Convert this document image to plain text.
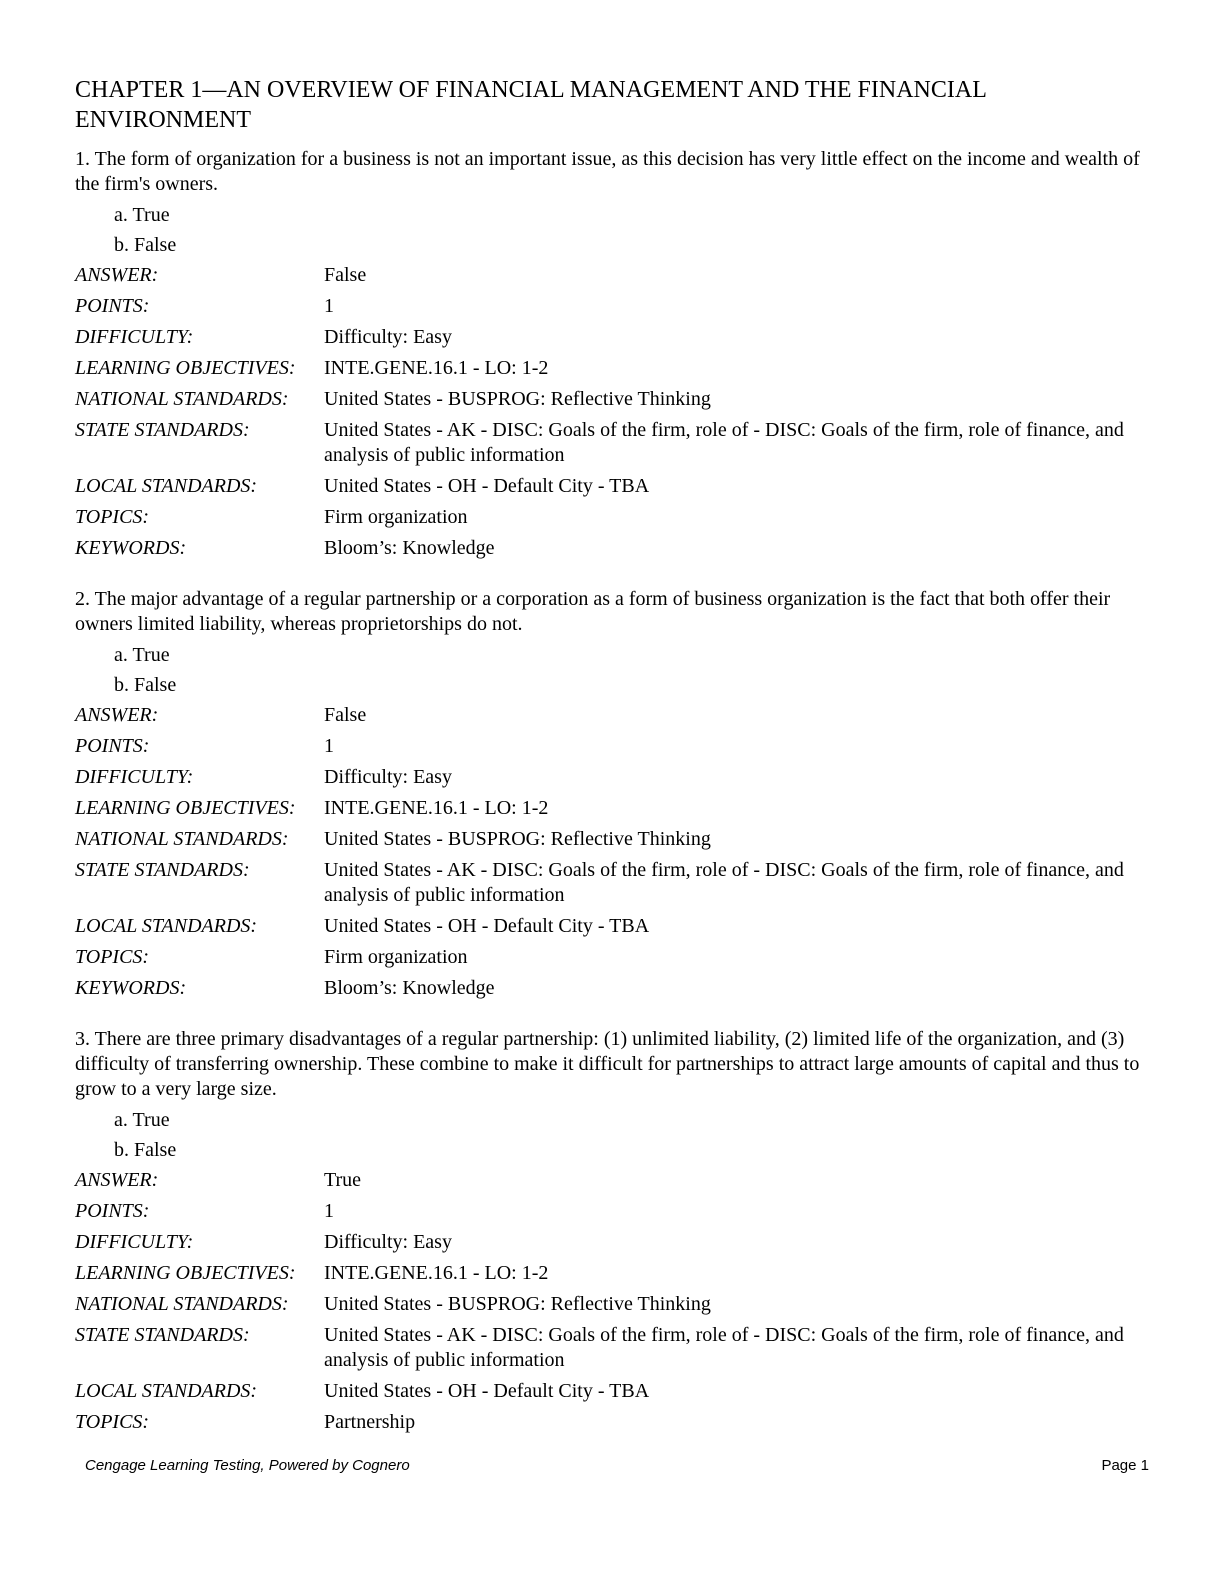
CHAPTER 1—AN OVERVIEW OF FINANCIAL MANAGEMENT AND THE FINANCIAL ENVIRONMENT

1. The form of organization for a business is not an important issue, as this decision has very little effect on the income and wealth of the firm's owners.

a. True
b. False
ANSWER:	False
POINTS:	1
DIFFICULTY:	Difficulty: Easy
LEARNING OBJECTIVES:	INTE.GENE.16.1 - LO: 1-2
NATIONAL STANDARDS:	United States - BUSPROG: Reflective Thinking
STATE STANDARDS:	United States - AK - DISC: Goals of the firm, role of - DISC: Goals of the firm, role of finance, and analysis of public information
LOCAL STANDARDS:	United States - OH - Default City - TBA
TOPICS:	Firm organization
KEYWORDS:	Bloom’s: Knowledge

2. The major advantage of a regular partnership or a corporation as a form of business organization is the fact that both offer their owners limited liability, whereas proprietorships do not.

a. True
b. False
ANSWER:	False
POINTS:	1
DIFFICULTY:	Difficulty: Easy
LEARNING OBJECTIVES:	INTE.GENE.16.1 - LO: 1-2
NATIONAL STANDARDS:	United States - BUSPROG: Reflective Thinking
STATE STANDARDS:	United States - AK - DISC: Goals of the firm, role of - DISC: Goals of the firm, role of finance, and analysis of public information
LOCAL STANDARDS:	United States - OH - Default City - TBA
TOPICS:	Firm organization
KEYWORDS:	Bloom’s: Knowledge

3. There are three primary disadvantages of a regular partnership: (1) unlimited liability, (2) limited life of the organization, and (3) difficulty of transferring ownership. These combine to make it difficult for partnerships to attract large amounts of capital and thus to grow to a very large size.

a. True
b. False
ANSWER:	True
POINTS:	1
DIFFICULTY:	Difficulty: Easy
LEARNING OBJECTIVES:	INTE.GENE.16.1 - LO: 1-2
NATIONAL STANDARDS:	United States - BUSPROG: Reflective Thinking
STATE STANDARDS:	United States - AK - DISC: Goals of the firm, role of - DISC: Goals of the firm, role of finance, and analysis of public information
LOCAL STANDARDS:	United States - OH - Default City - TBA
TOPICS:	Partnership
Cengage Learning Testing, Powered by Cognero	Page 1
